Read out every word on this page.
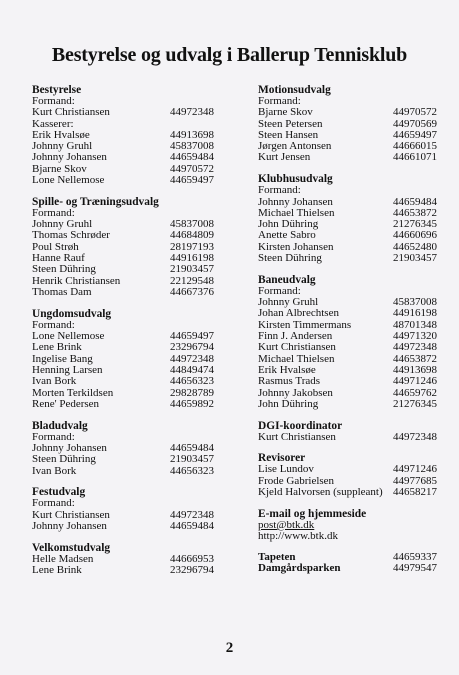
Bestyrelse og udvalg i Ballerup Tennisklub
Bestyrelse
Formand:
Kurt Christiansen	44972348
Kasserer:
Erik Hvalsøe	44913698
Johnny Gruhl	45837008
Johnny Johansen	44659484
Bjarne Skov	44970572
Lone Nellemose	44659497
Spille- og Træningsudvalg
Formand:
Johnny Gruhl	45837008
Thomas Schrøder	44684809
Poul Strøh	28197193
Hanne Rauf	44916198
Steen Dühring	21903457
Henrik Christiansen	22129548
Thomas Dam	44667376
Ungdomsudvalg
Formand:
Lone Nellemose	44659497
Lene Brink	23296794
Ingelise Bang	44972348
Henning Larsen	44849474
Ivan Bork	44656323
Morten Terkildsen	29828789
Rene' Pedersen	44659892
Bladudvalg
Formand:
Johnny Johansen	44659484
Steen Dühring	21903457
Ivan Bork	44656323
Festudvalg
Formand:
Kurt Christiansen	44972348
Johnny Johansen	44659484
Velkomstudvalg
Helle Madsen	44666953
Lene Brink	23296794
Motionsudvalg
Formand:
Bjarne Skov	44970572
Steen Petersen	44970569
Steen Hansen	44659497
Jørgen Antonsen	44666015
Kurt Jensen	44661071
Klubhusudvalg
Formand:
Johnny Johansen	44659484
Michael Thielsen	44653872
John Dühring	21276345
Anette Sabro	44660696
Kirsten Johansen	44652480
Steen Dühring	21903457
Baneudvalg
Formand:
Johnny Gruhl	45837008
Johan Albrechtsen	44916198
Kirsten Timmermans	48701348
Finn J. Andersen	44971320
Kurt Christiansen	44972348
Michael Thielsen	44653872
Erik Hvalsøe	44913698
Rasmus Trads	44971246
Johnny Jakobsen	44659762
John Dühring	21276345
DGI-koordinator
Kurt Christiansen	44972348
Revisorer
Lise Lundov	44971246
Frode Gabrielsen	44977685
Kjeld Halvorsen (suppleant) 44658217
E-mail og hjemmeside
post@btk.dk
http://www.btk.dk
Tapeten	44659337
Damgårdsparken	44979547
2
